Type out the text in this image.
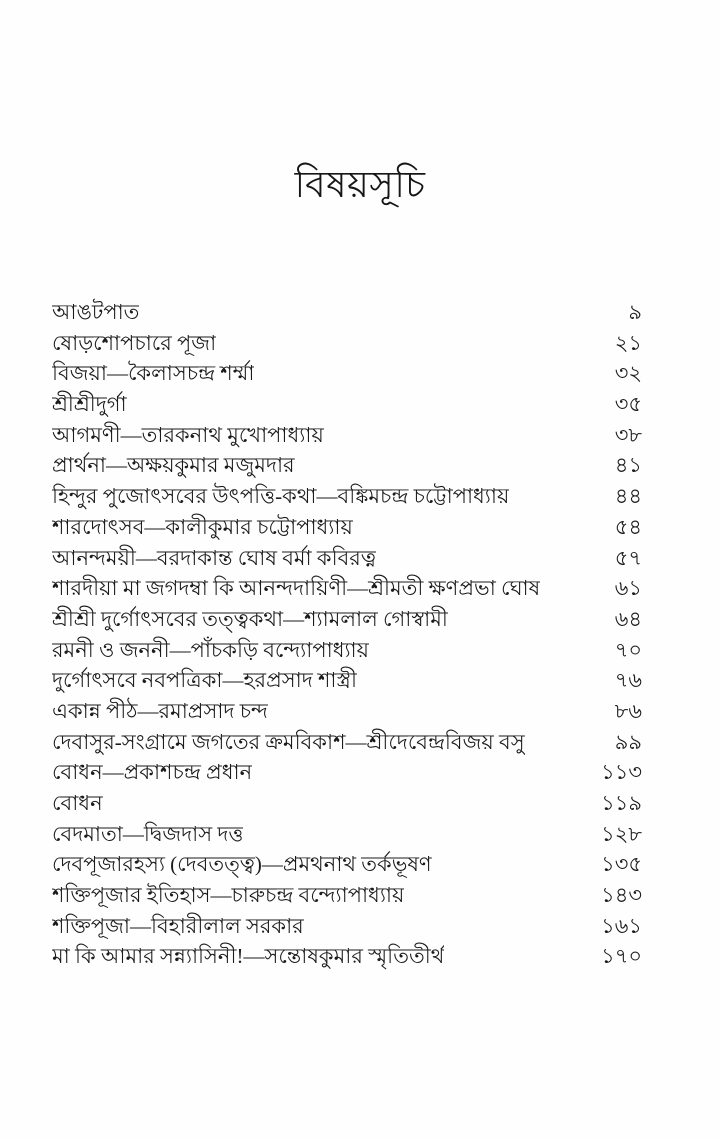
বিষয়সূচি
আঙটপাত	৯
ষোড়শোপচারে পূজা	২১
বিজয়া—কৈলাসচন্দ্র শর্ম্মা	৩২
শ্রীশ্রীদুর্গা	৩৫
আগমণী—তারকনাথ মুখোপাধ্যায়	৩৮
প্রার্থনা—অক্ষয়কুমার মজুমদার	৪১
হিন্দুর পুজোৎসবের উৎপত্তি-কথা—বঙ্কিমচন্দ্র চট্টোপাধ্যায়	৪৪
শারদোৎসব—কালীকুমার চট্টোপাধ্যায়	৫৪
আনন্দময়ী—বরদাকান্ত ঘোষ বর্মা কবিরত্ন	৫৭
শারদীয়া মা জগদম্বা কি আনন্দদায়িণী—শ্রীমতী ক্ষণপ্রভা ঘোষ	৬১
শ্রীশ্রী দুর্গোৎসবের তত্ত্বকথা—শ্যামলাল গোস্বামী	৬৪
রমনী ও জননী—পাঁচকড়ি বন্দ্যোপাধ্যায়	৭০
দুর্গোৎসবে নবপত্রিকা—হরপ্রসাদ শাস্ত্রী	৭৬
একান্ন পীঠ—রমাপ্রসাদ চন্দ	৮৬
দেবাসুর-সংগ্রামে জগতের ক্রমবিকাশ—শ্রীদেবেন্দ্রবিজয় বসু	৯৯
বোধন—প্রকাশচন্দ্র প্রধান	১১৩
বোধন	১১৯
বেদমাতা—দ্বিজদাস দত্ত	১২৮
দেবপূজারহস্য (দেবতত্ত্ব)—প্রমথনাথ তর্কভূষণ	১৩৫
শক্তিপূজার ইতিহাস—চারুচন্দ্র বন্দ্যোপাধ্যায়	১৪৩
শক্তিপূজা—বিহারীলাল সরকার	১৬১
মা কি আমার সন্ন্যাসিনী!—সন্তোষকুমার স্মৃতিতীর্থ	১৭০
